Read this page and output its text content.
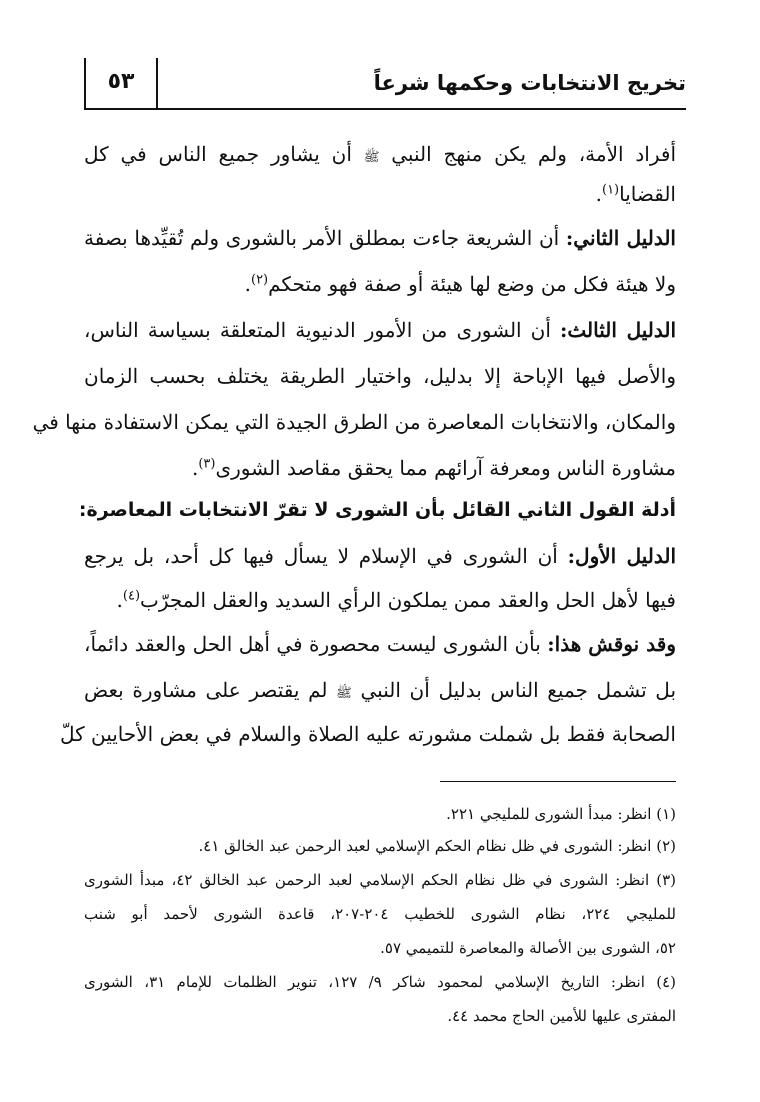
تخريج الانتخابات وحكمها شرعاً
٥٣
أفراد الأمة، ولم يكن منهج النبي ﷺ أن يشاور جميع الناس في كل
القضايا$^{(١)}$.
الدليل الثاني: أن الشريعة جاءت بمطلق الأمر بالشورى ولم تُقيِّدها بصفة
ولا هيئة فكل من وضع لها هيئة أو صفة فهو متحكم$^{(٢)}$.
الدليل الثالث: أن الشورى من الأمور الدنيوية المتعلقة بسياسة الناس،
والأصل فيها الإباحة إلا بدليل، واختيار الطريقة يختلف بحسب الزمان
والمكان، والانتخابات المعاصرة من الطرق الجيدة التي يمكن الاستفادة منها في
مشاورة الناس ومعرفة آرائهم مما يحقق مقاصد الشورى$^{(٣)}$.
أدلة القول الثاني القائل بأن الشورى لا تقرّ الانتخابات المعاصرة:
الدليل الأول: أن الشورى في الإسلام لا يسأل فيها كل أحد، بل يرجع
فيها لأهل الحل والعقد ممن يملكون الرأي السديد والعقل المجرّب$^{(٤)}$.
وقد نوقش هذا: بأن الشورى ليست محصورة في أهل الحل والعقد دائماً،
بل تشمل جميع الناس بدليل أن النبي ﷺ لم يقتصر على مشاورة بعض
الصحابة فقط بل شملت مشورته عليه الصلاة والسلام في بعض الأحايين كلّ
(١) انظر: مبدأ الشورى للمليجي ٢٢١.
(٢) انظر: الشورى في ظل نظام الحكم الإسلامي لعبد الرحمن عبد الخالق ٤١.
(٣) انظر: الشورى في ظل نظام الحكم الإسلامي لعبد الرحمن عبد الخالق ٤٢، مبدأ الشورى
للمليجي ٢٢٤، نظام الشورى للخطيب ٢٠٤-٢٠٧، قاعدة الشورى لأحمد أبو شنب
٥٢، الشورى بين الأصالة والمعاصرة للتميمي ٥٧.
(٤) انظر: التاريخ الإسلامي لمحمود شاكر ٩/ ١٢٧، تنوير الظلمات للإمام ٣١، الشورى
المفترى عليها للأمين الحاج محمد ٤٤.
